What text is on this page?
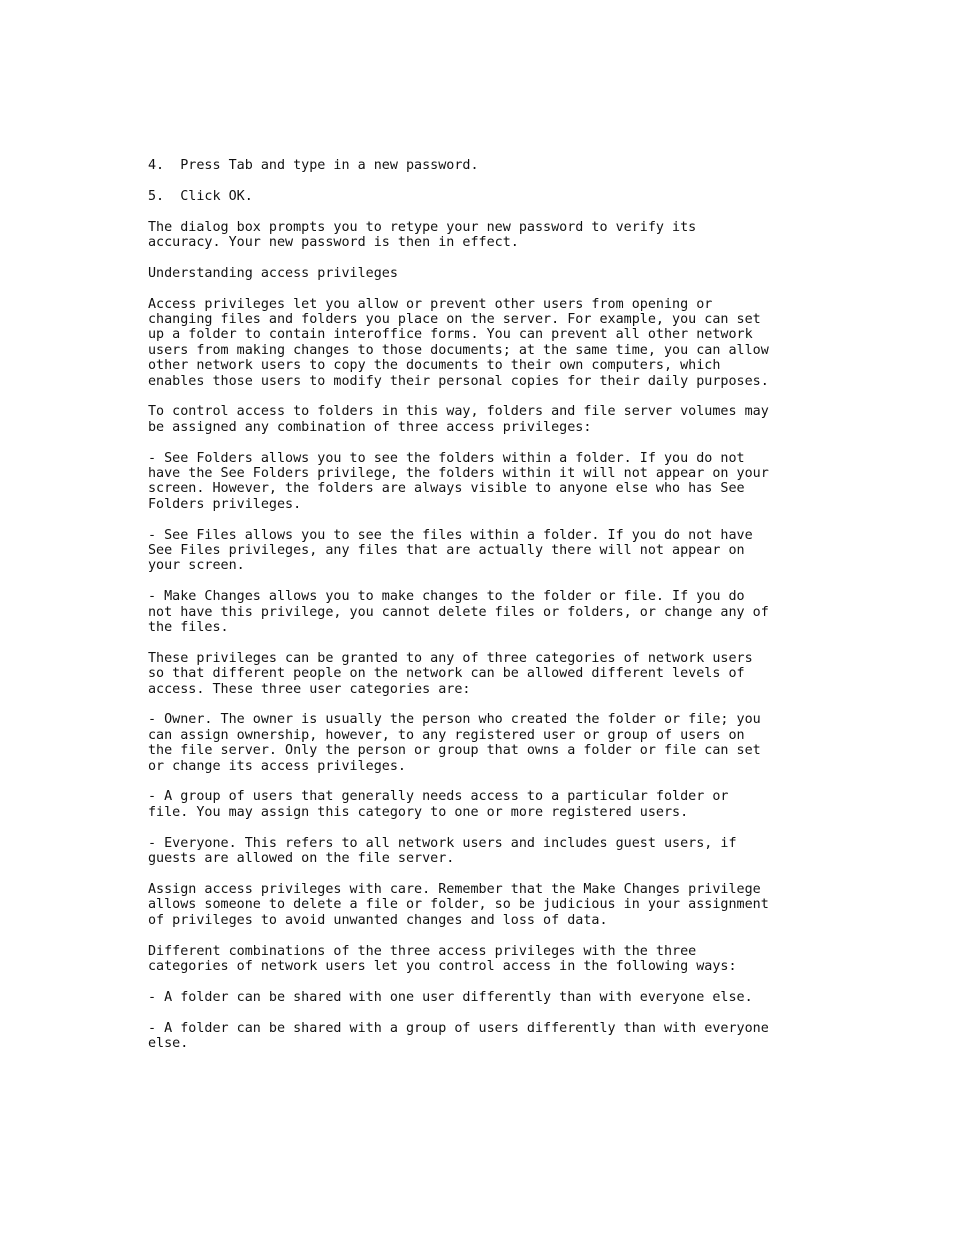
4.  Press Tab and type in a new password.

5.  Click OK.

The dialog box prompts you to retype your new password to verify its
accuracy. Your new password is then in effect.

Understanding access privileges

Access privileges let you allow or prevent other users from opening or
changing files and folders you place on the server. For example, you can set
up a folder to contain interoffice forms. You can prevent all other network
users from making changes to those documents; at the same time, you can allow
other network users to copy the documents to their own computers, which
enables those users to modify their personal copies for their daily purposes.

To control access to folders in this way, folders and file server volumes may
be assigned any combination of three access privileges:

- See Folders allows you to see the folders within a folder. If you do not
have the See Folders privilege, the folders within it will not appear on your
screen. However, the folders are always visible to anyone else who has See
Folders privileges.

- See Files allows you to see the files within a folder. If you do not have
See Files privileges, any files that are actually there will not appear on
your screen.

- Make Changes allows you to make changes to the folder or file. If you do
not have this privilege, you cannot delete files or folders, or change any of
the files.

These privileges can be granted to any of three categories of network users
so that different people on the network can be allowed different levels of
access. These three user categories are:

- Owner. The owner is usually the person who created the folder or file; you
can assign ownership, however, to any registered user or group of users on
the file server. Only the person or group that owns a folder or file can set
or change its access privileges.

- A group of users that generally needs access to a particular folder or
file. You may assign this category to one or more registered users.

- Everyone. This refers to all network users and includes guest users, if
guests are allowed on the file server.

Assign access privileges with care. Remember that the Make Changes privilege
allows someone to delete a file or folder, so be judicious in your assignment
of privileges to avoid unwanted changes and loss of data.

Different combinations of the three access privileges with the three
categories of network users let you control access in the following ways:

- A folder can be shared with one user differently than with everyone else.

- A folder can be shared with a group of users differently than with everyone
else.
